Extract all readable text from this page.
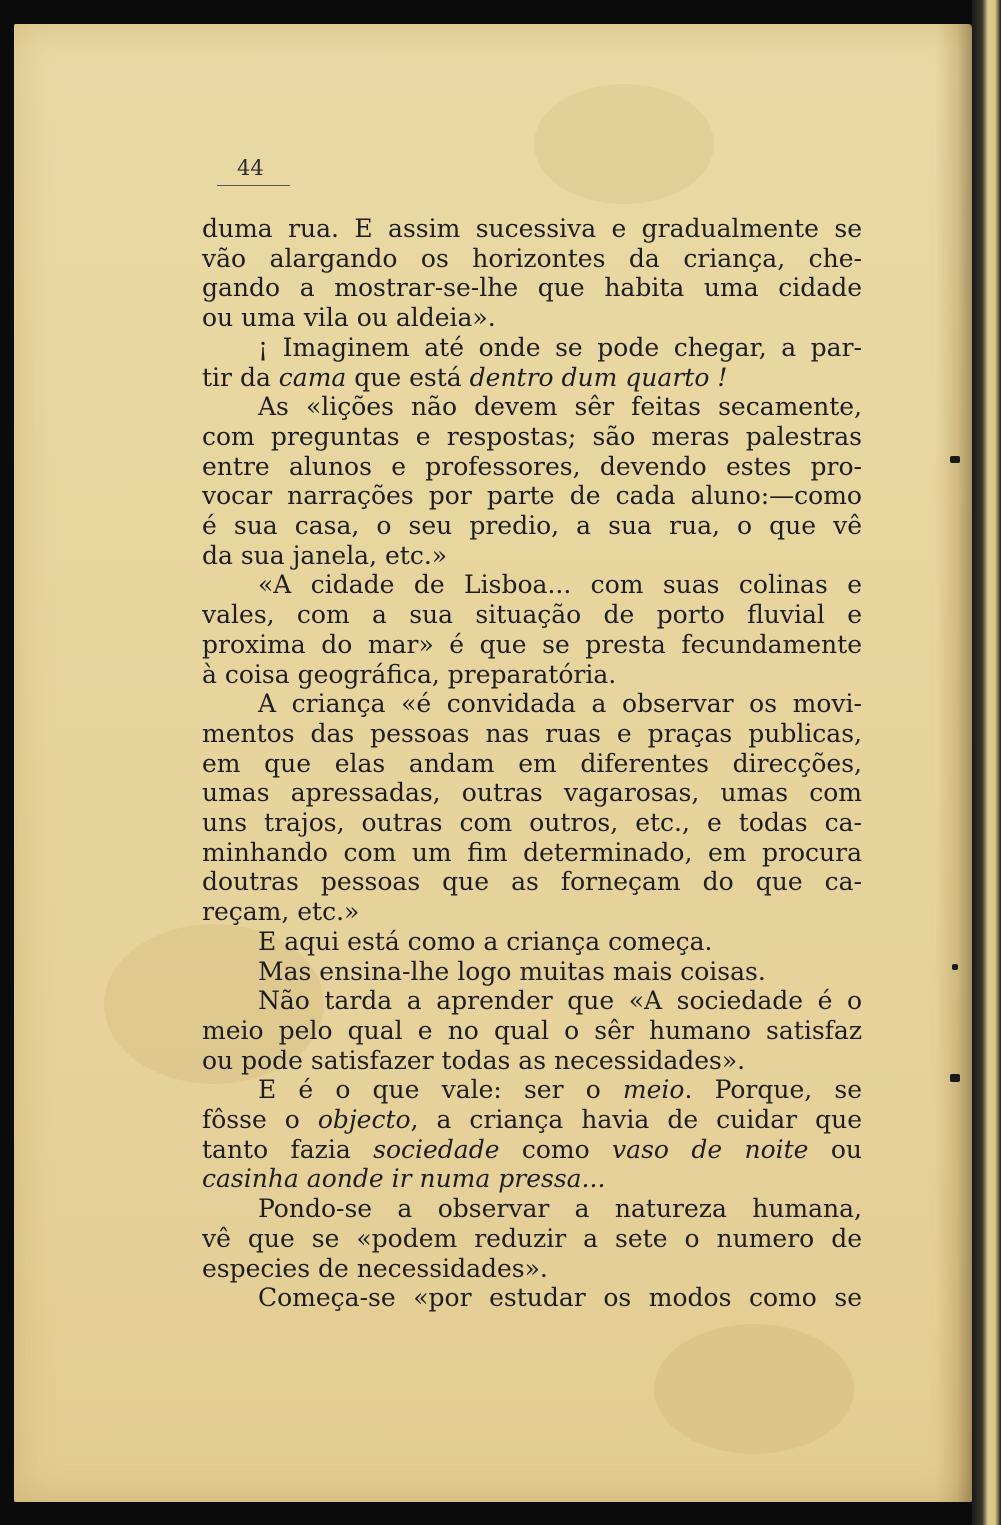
44
duma rua. E assim sucessiva e gradualmente se
vão alargando os horizontes da criança, che-
gando a mostrar-se-lhe que habita uma cidade
ou uma vila ou aldeia».
¡ Imaginem até onde se pode chegar, a par-
tir da cama que está dentro dum quarto !
As «lições não devem sêr feitas secamente,
com preguntas e respostas; são meras palestras
entre alunos e professores, devendo estes pro-
vocar narrações por parte de cada aluno:—como
é sua casa, o seu predio, a sua rua, o que vê
da sua janela, etc.»
«A cidade de Lisboa... com suas colinas e
vales, com a sua situação de porto fluvial e
proxima do mar» é que se presta fecundamente
à coisa geográfica, preparatória.
A criança «é convidada a observar os movi-
mentos das pessoas nas ruas e praças publicas,
em que elas andam em diferentes direcções,
umas apressadas, outras vagarosas, umas com
uns trajos, outras com outros, etc., e todas ca-
minhando com um fim determinado, em procura
doutras pessoas que as forneçam do que ca-
reçam, etc.»
E aqui está como a criança começa.
Mas ensina-lhe logo muitas mais coisas.
Não tarda a aprender que «A sociedade é o
meio pelo qual e no qual o sêr humano satisfaz
ou pode satisfazer todas as necessidades».
E é o que vale: ser o meio. Porque, se
fôsse o objecto, a criança havia de cuidar que
tanto fazia sociedade como vaso de noite ou
casinha aonde ir numa pressa...
Pondo-se a observar a natureza humana,
vê que se «podem reduzir a sete o numero de
especies de necessidades».
Começa-se «por estudar os modos como se
